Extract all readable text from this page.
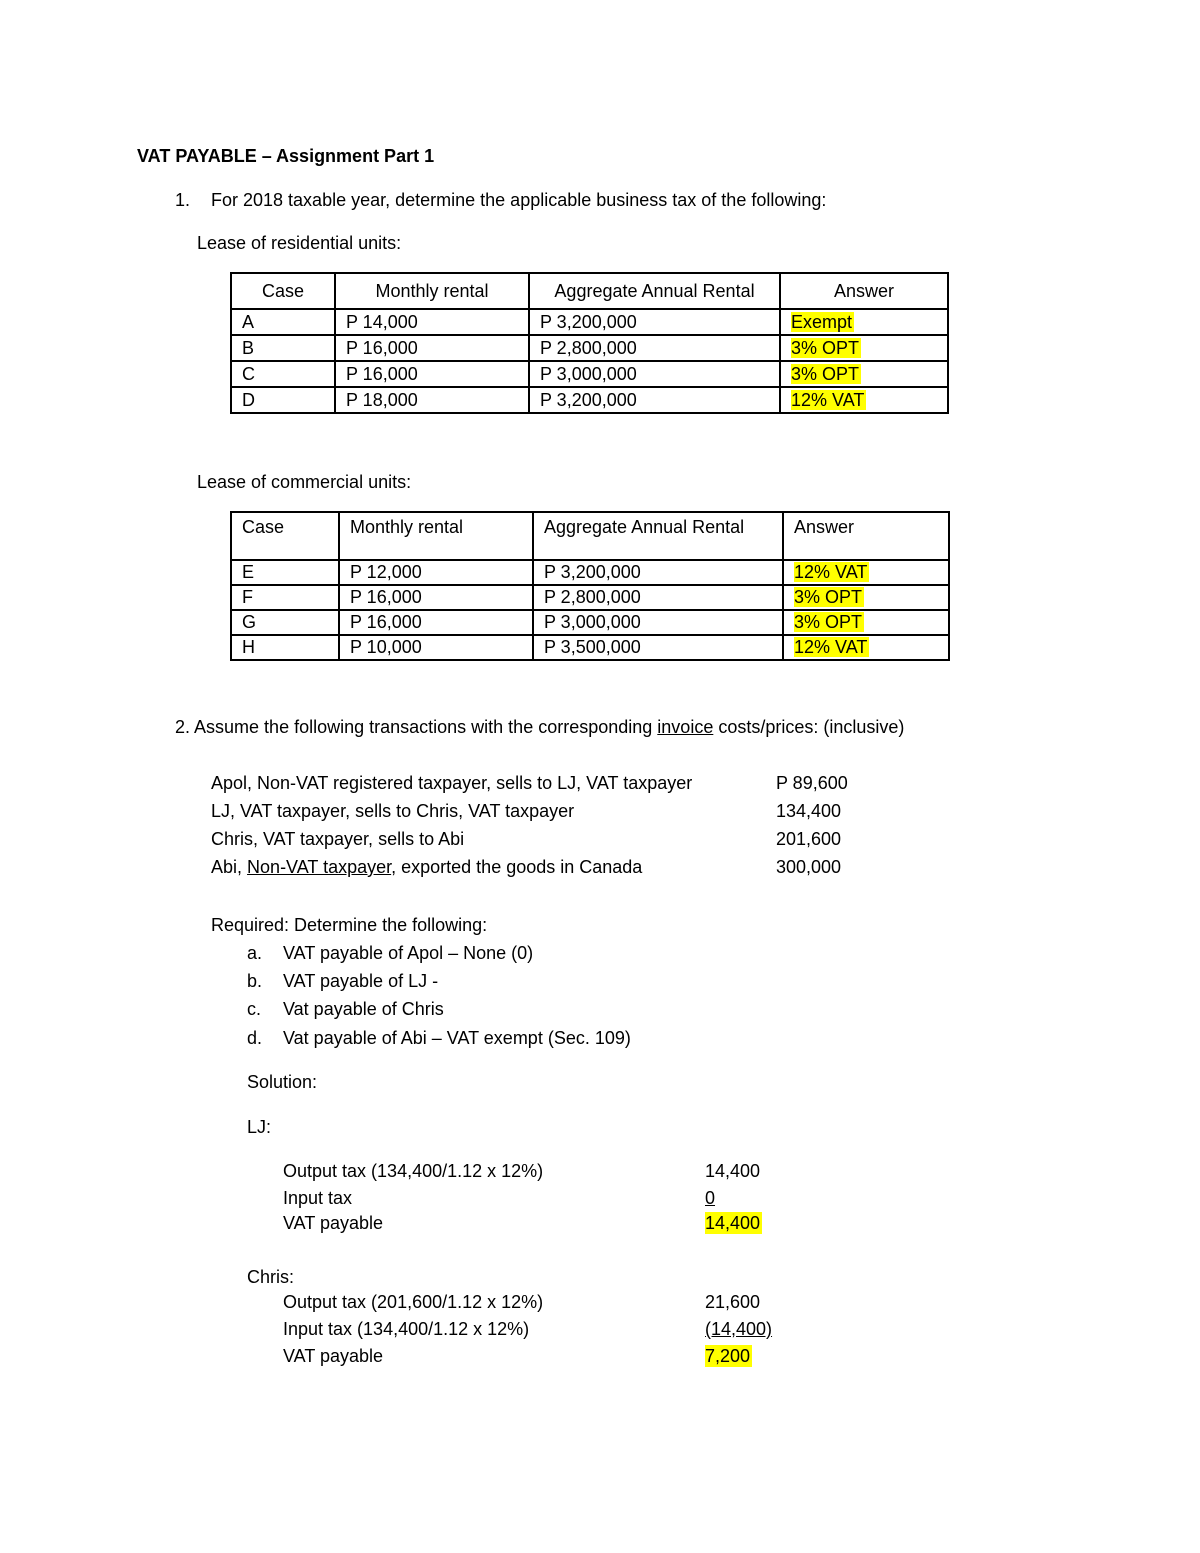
VAT PAYABLE – Assignment Part 1
1. For 2018 taxable year, determine the applicable business tax of the following:
Lease of residential units:
Case	Monthly rental	Aggregate Annual Rental	Answer
A	P 14,000	P 3,200,000	Exempt
B	P 16,000	P 2,800,000	3% OPT
C	P 16,000	P 3,000,000	3% OPT
D	P 18,000	P 3,200,000	12% VAT
Lease of commercial units:
Case	Monthly rental	Aggregate Annual Rental	Answer
E	P 12,000	P 3,200,000	12% VAT
F	P 16,000	P 2,800,000	3% OPT
G	P 16,000	P 3,000,000	3% OPT
H	P 10,000	P 3,500,000	12% VAT
2. Assume the following transactions with the corresponding invoice costs/prices: (inclusive)
Apol, Non-VAT registered taxpayer, sells to LJ, VAT taxpayer	P 89,600
LJ, VAT taxpayer, sells to Chris, VAT taxpayer	134,400
Chris, VAT taxpayer, sells to Abi	201,600
Abi, Non-VAT taxpayer, exported the goods in Canada	300,000
Required: Determine the following:
a. VAT payable of Apol – None (0)
b. VAT payable of LJ -
c. Vat payable of Chris
d. Vat payable of Abi – VAT exempt (Sec. 109)
Solution:
LJ:
Output tax (134,400/1.12 x 12%)	14,400
Input tax	0
VAT payable	14,400
Chris:
Output tax (201,600/1.12 x 12%)	21,600
Input tax (134,400/1.12 x 12%)	(14,400)
VAT payable	7,200
